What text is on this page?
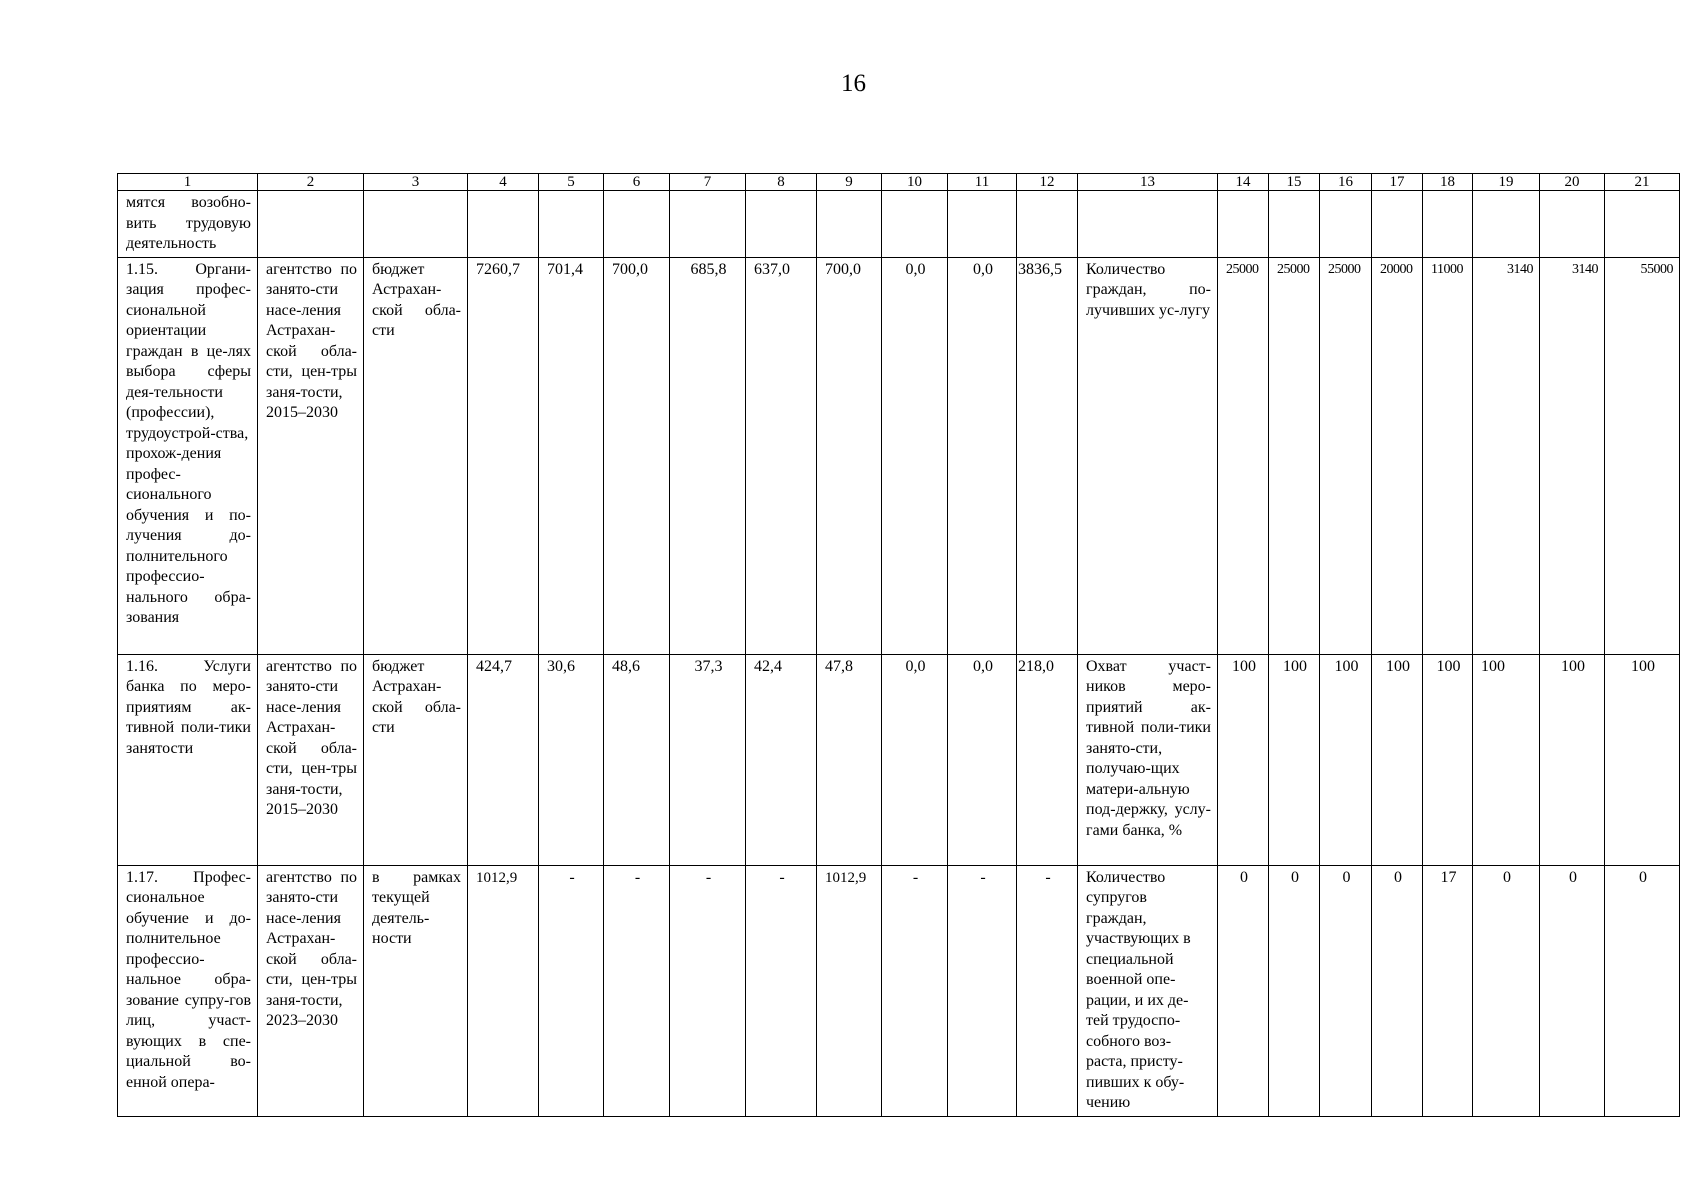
16
1	2	3	4	5	6	7	8	9	10	11	12	13	14	15	16	17	18	19	20	21
мятся возобно-вить трудовую деятельность																				
1.15. Органи-зация профес-сиональной ориентации граждан в це-лях выбора сферы дея-тельности (профессии), трудоустрой-ства, прохож-дения профес-сионального обучения и по-лучения до-полнительного профессио-нального обра-зования	агентство по занято-сти насе-ления Астрахан-ской обла-сти, цен-тры заня-тости, 2015–2030	бюджет Астрахан-ской обла-сти	7260,7	701,4	700,0	685,8	637,0	700,0	0,0	0,0	3836,5	Количество граждан, по-лучивших ус-лугу	25000	25000	25000	20000	11000	3140	3140	55000
1.16. Услуги банка по меро-приятиям ак-тивной поли-тики занятости	агентство по занято-сти насе-ления Астрахан-ской обла-сти, цен-тры заня-тости, 2015–2030	бюджет Астрахан-ской обла-сти	424,7	30,6	48,6	37,3	42,4	47,8	0,0	0,0	218,0	Охват участ-ников меро-приятий ак-тивной поли-тики занято-сти, получаю-щих матери-альную под-держку, услу-гами банка, %	100	100	100	100	100	100	100	100
1.17. Профес-сиональное обучение и до-полнительное профессио-нальное обра-зование супру-гов лиц, участ-вующих в спе-циальной во-енной опера-	агентство по занято-сти насе-ления Астрахан-ской обла-сти, цен-тры заня-тости, 2023–2030	в рамках текущей деятель-ности	1012,9	-	-	-	-	1012,9	-	-	-	Количество супругов граждан, участвующих в специальной военной опе-рации, и их де-тей трудоспо-собного воз-раста, присту-пивших к обу-чению	0	0	0	0	17	0	0	0
